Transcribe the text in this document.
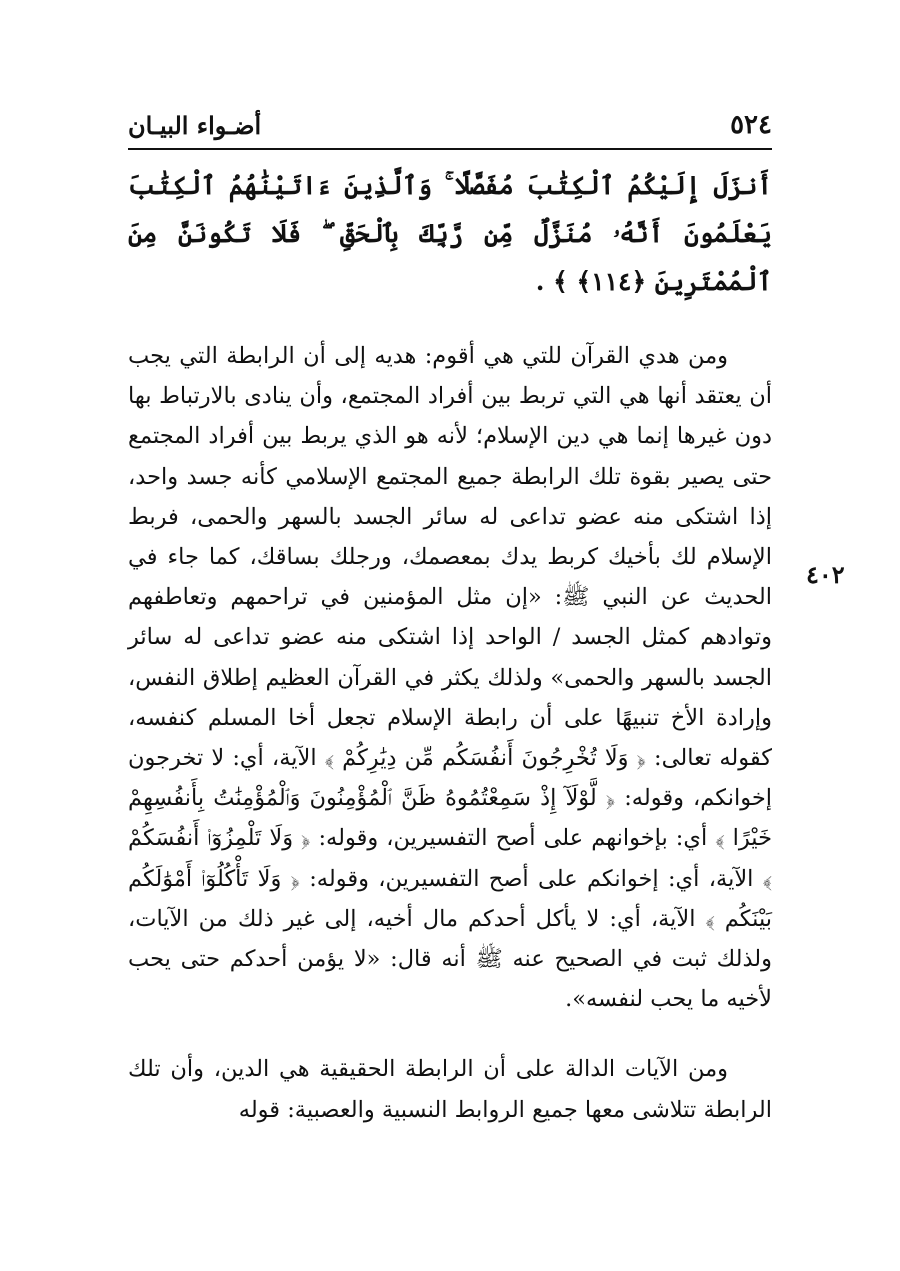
٥٢٤
أضـواء البيـان
٤٠٢
أَنزَلَ إِلَيْكُمُ ٱلْكِتَٰبَ مُفَصَّلًا ۚ وَٱلَّذِينَ ءَاتَيْنَٰهُمُ ٱلْكِتَٰبَ يَعْلَمُونَ أَنَّهُۥ مُنَزَّلٌ مِّن رَّبِّكَ بِٱلْحَقِّ ۖ فَلَا تَكُونَنَّ مِنَ ٱلْمُمْتَرِينَ ﴿١١٤﴾ ﴾ .

ومن هدي القرآن للتي هي أقوم: هديه إلى أن الرابطة التي يجب أن يعتقد أنها هي التي تربط بين أفراد المجتمع، وأن ينادى بالارتباط بها دون غيرها إنما هي دين الإسلام؛ لأنه هو الذي يربط بين أفراد المجتمع حتى يصير بقوة تلك الرابطة جميع المجتمع الإسلامي كأنه جسد واحد، إذا اشتكى منه عضو تداعى له سائر الجسد بالسهر والحمى، فربط الإسلام لك بأخيك كربط يدك بمعصمك، ورجلك بساقك، كما جاء في الحديث عن النبي ﷺ: «إن مثل المؤمنين في تراحمهم وتعاطفهم وتوادهم كمثل الجسد / الواحد إذا اشتكى منه عضو تداعى له سائر الجسد بالسهر والحمى» ولذلك يكثر في القرآن العظيم إطلاق النفس، وإرادة الأخ تنبيهًا على أن رابطة الإسلام تجعل أخا المسلم كنفسه، كقوله تعالى: ﴿ وَلَا تُخْرِجُونَ أَنفُسَكُم مِّن دِيَٰرِكُمْ ﴾ الآية، أي: لا تخرجون إخوانكم، وقوله: ﴿ لَّوْلَآ إِذْ سَمِعْتُمُوهُ ظَنَّ ٱلْمُؤْمِنُونَ وَٱلْمُؤْمِنَٰتُ بِأَنفُسِهِمْ خَيْرًا ﴾ أي: بإخوانهم على أصح التفسيرين، وقوله: ﴿ وَلَا تَلْمِزُوٓا۟ أَنفُسَكُمْ ﴾ الآية، أي: إخوانكم على أصح التفسيرين، وقوله: ﴿ وَلَا تَأْكُلُوٓا۟ أَمْوَٰلَكُم بَيْنَكُم ﴾ الآية، أي: لا يأكل أحدكم مال أخيه، إلى غير ذلك من الآيات، ولذلك ثبت في الصحيح عنه ﷺ أنه قال: «لا يؤمن أحدكم حتى يحب لأخيه ما يحب لنفسه».

ومن الآيات الدالة على أن الرابطة الحقيقية هي الدين، وأن تلك الرابطة تتلاشى معها جميع الروابط النسبية والعصبية: قوله
